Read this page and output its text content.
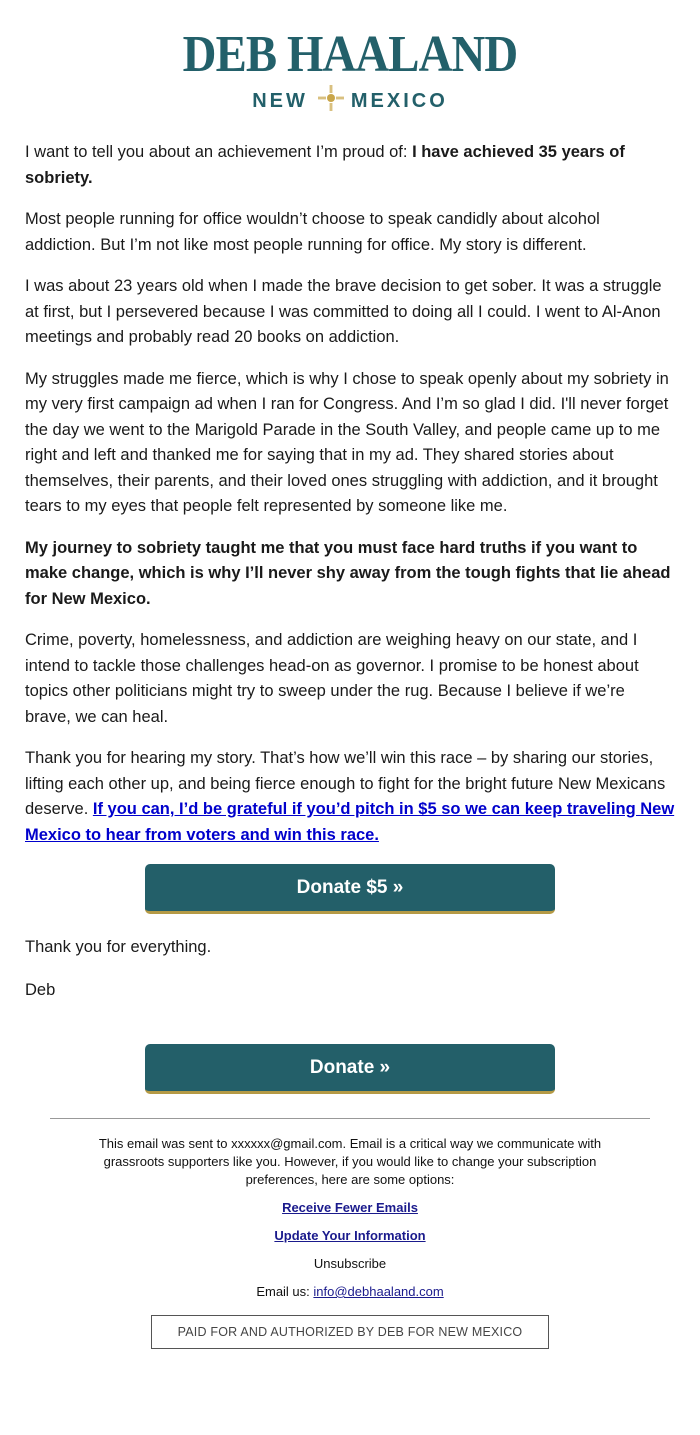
DEB HAALAND
NEW MEXICO

I want to tell you about an achievement I’m proud of: I have achieved 35 years of sobriety.

Most people running for office wouldn’t choose to speak candidly about alcohol addiction. But I’m not like most people running for office. My story is different.

I was about 23 years old when I made the brave decision to get sober. It was a struggle at first, but I persevered because I was committed to doing all I could. I went to Al-Anon meetings and probably read 20 books on addiction.

My struggles made me fierce, which is why I chose to speak openly about my sobriety in my very first campaign ad when I ran for Congress. And I’m so glad I did. I'll never forget the day we went to the Marigold Parade in the South Valley, and people came up to me right and left and thanked me for saying that in my ad. They shared stories about themselves, their parents, and their loved ones struggling with addiction, and it brought tears to my eyes that people felt represented by someone like me.

My journey to sobriety taught me that you must face hard truths if you want to make change, which is why I’ll never shy away from the tough fights that lie ahead for New Mexico.

Crime, poverty, homelessness, and addiction are weighing heavy on our state, and I intend to tackle those challenges head-on as governor. I promise to be honest about topics other politicians might try to sweep under the rug. Because I believe if we’re brave, we can heal.

Thank you for hearing my story. That’s how we’ll win this race – by sharing our stories, lifting each other up, and being fierce enough to fight for the bright future New Mexicans deserve. If you can, I’d be grateful if you’d pitch in $5 so we can keep traveling New Mexico to hear from voters and win this race.

Donate $5 »

Thank you for everything.

Deb

Donate »

This email was sent to xxxxxx@gmail.com. Email is a critical way we communicate with grassroots supporters like you. However, if you would like to change your subscription preferences, here are some options:

Receive Fewer Emails

Update Your Information

Unsubscribe

Email us: info@debhaaland.com

PAID FOR AND AUTHORIZED BY DEB FOR NEW MEXICO
